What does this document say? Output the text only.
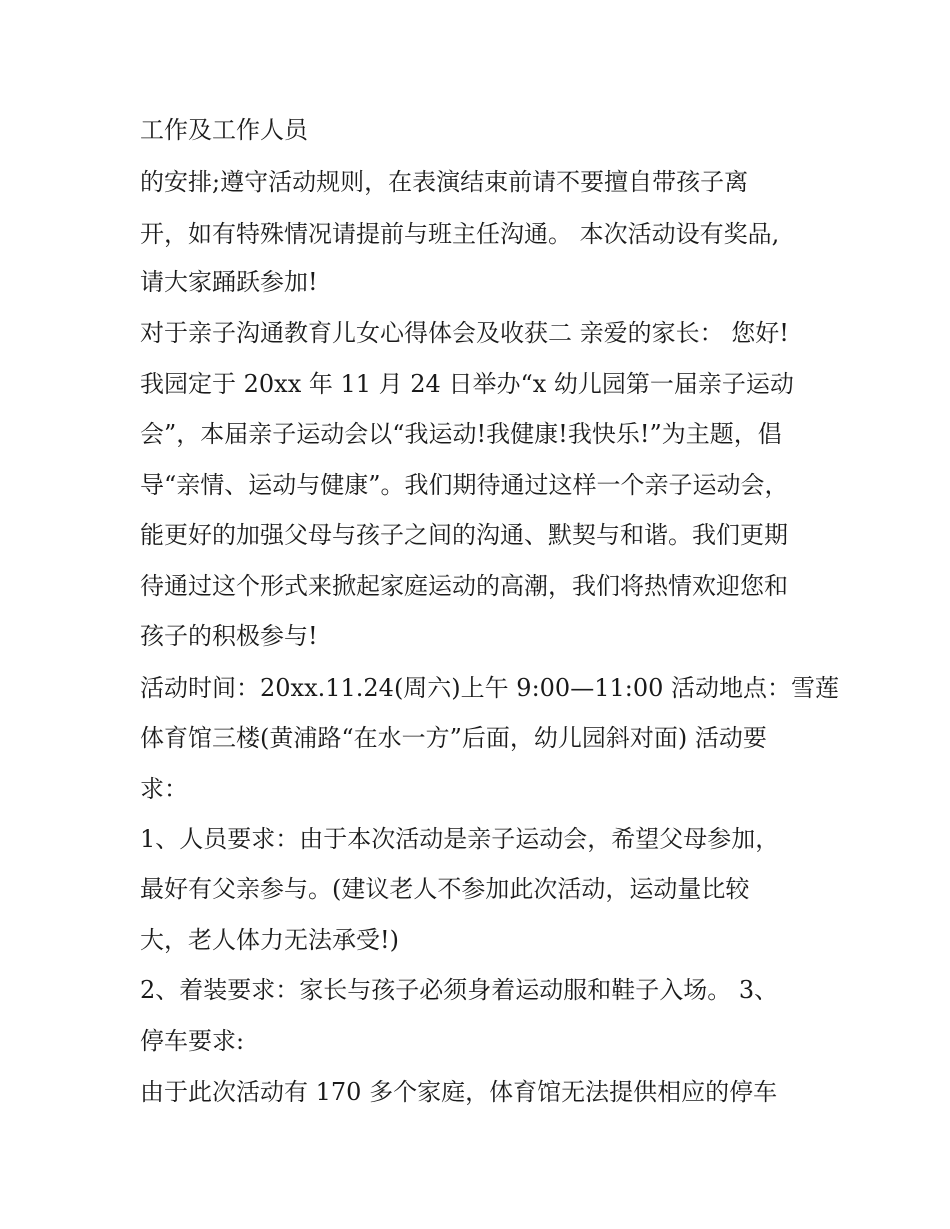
工作及工作人员

的安排;遵守活动规则，在表演结束前请不要擅自带孩子离

开，如有特殊情况请提前与班主任沟通。 本次活动设有奖品,

请大家踊跃参加!

对于亲子沟通教育儿女心得体会及收获二 亲爱的家长： 您好!

我园定于 20xx 年 11 月 24 日举办“x 幼儿园第一届亲子运动

会”，本届亲子运动会以“我运动!我健康!我快乐!”为主题，倡

导“亲情、运动与健康”。我们期待通过这样一个亲子运动会，

能更好的加强父母与孩子之间的沟通、默契与和谐。我们更期

待通过这个形式来掀起家庭运动的高潮，我们将热情欢迎您和

孩子的积极参与!

活动时间：20xx.11.24(周六)上午 9:00—11:00 活动地点：雪莲

体育馆三楼(黄浦路“在水一方”后面，幼儿园斜对面) 活动要

求：

1、人员要求：由于本次活动是亲子运动会，希望父母参加，

最好有父亲参与。(建议老人不参加此次活动，运动量比较

大，老人体力无法承受!)

2、着装要求：家长与孩子必须身着运动服和鞋子入场。 3、

停车要求:

由于此次活动有 170 多个家庭，体育馆无法提供相应的停车
